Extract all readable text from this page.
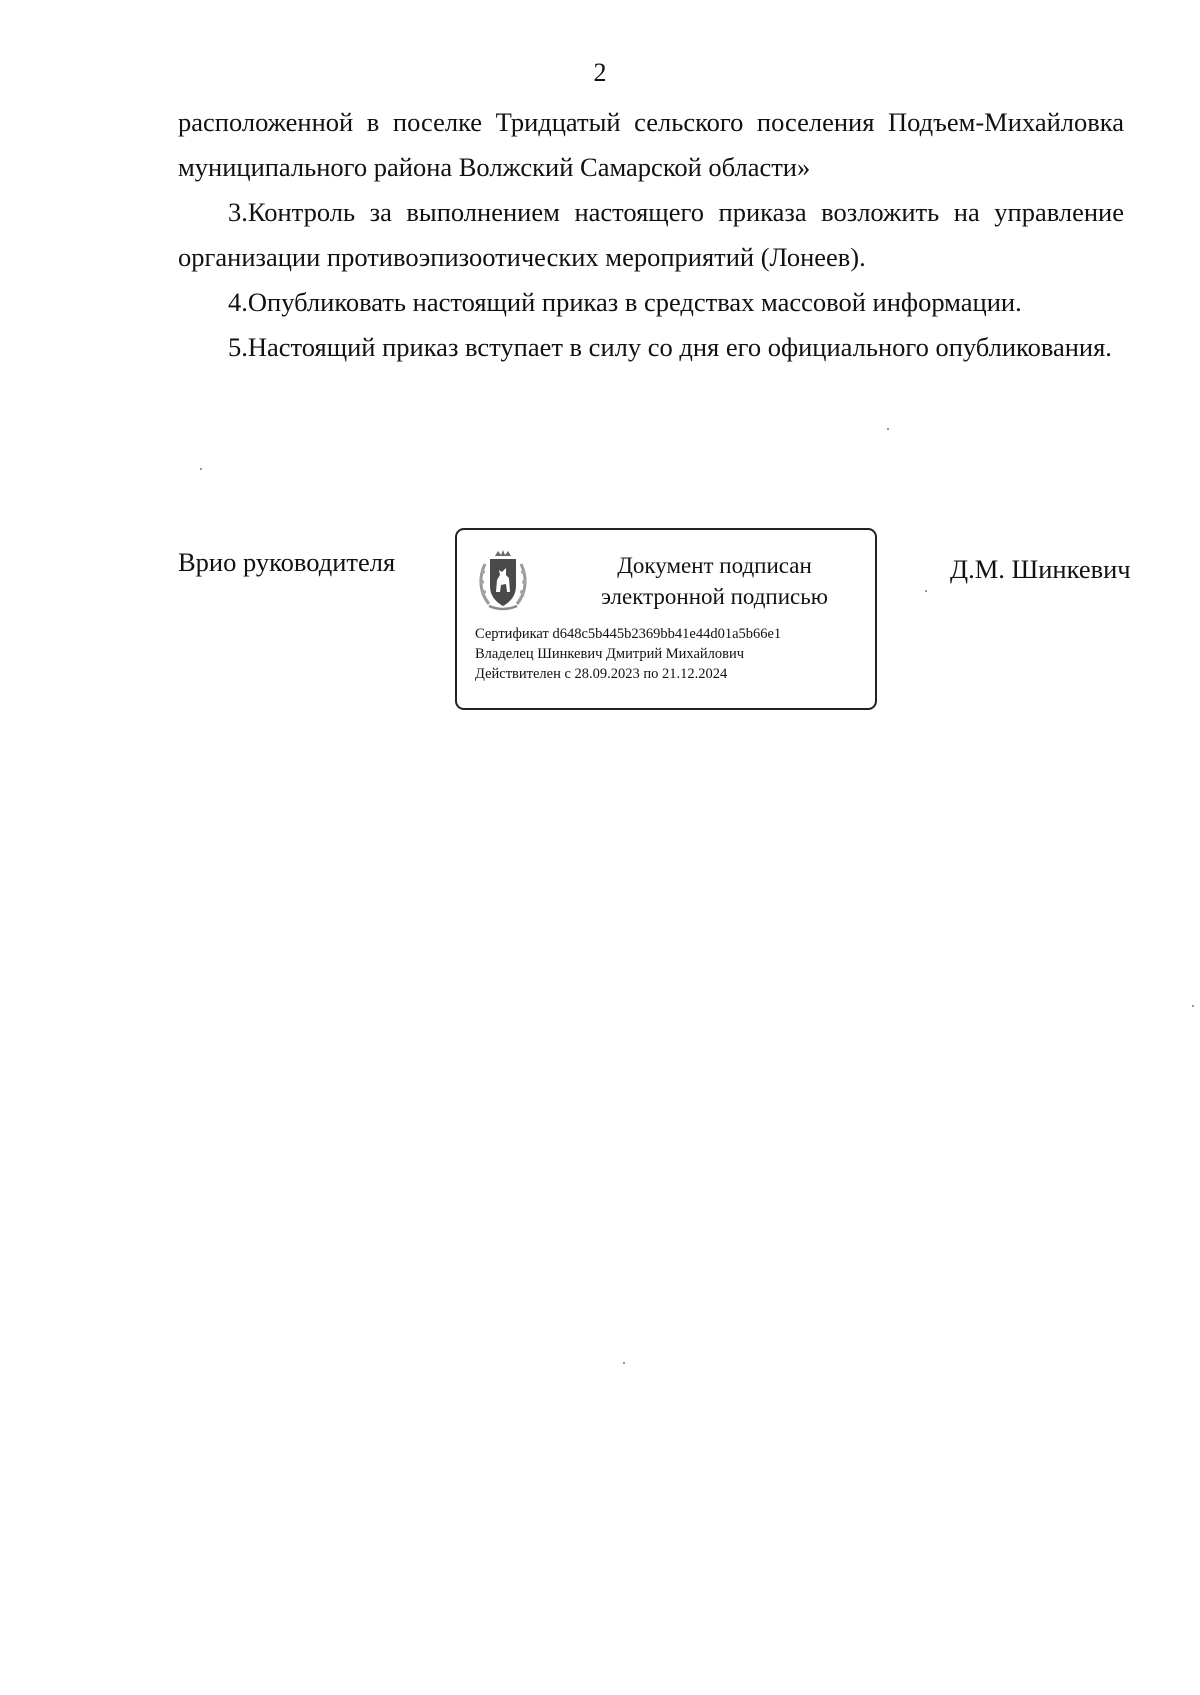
2

расположенной в поселке Тридцатый сельского поселения Подъем-Михайловка муниципального района Волжский Самарской области»

3.Контроль за выполнением настоящего приказа возложить на управление организации противоэпизоотических мероприятий (Лонеев).

4.Опубликовать настоящий приказ в средствах массовой информации.

5.Настоящий приказ вступает в силу со дня его официального опубликования.

Врио руководителя	Документ подписан
электронной подписью
Сертификат d648c5b445b2369bb41e44d01a5b66e1
Владелец Шинкевич Дмитрий Михайлович
Действителен с 28.09.2023 по 21.12.2024
Д.М. Шинкевич
